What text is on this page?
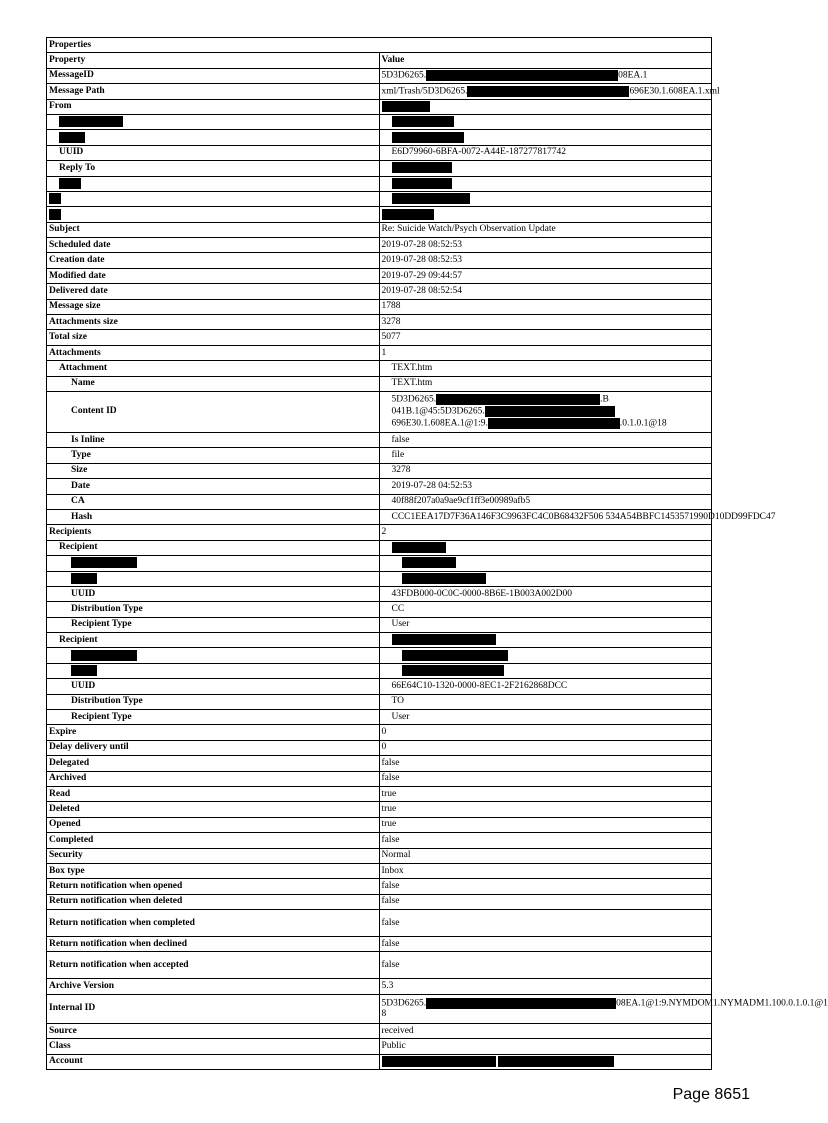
Properties	
Property	Value
MessageID	5D3D6265. 08EA.1
Message Path	xml/Trash/5D3D6265. 696E30.1.608EA.1.xml
From	

UUID	E6D79960-6BFA-0072-A44E-187277817742
Reply To	

Subject	Re: Suicide Watch/Psych Observation Update
Scheduled date	2019-07-28 08:52:53
Creation date	2019-07-28 08:52:53
Modified date	2019-07-29 09:44:57
Delivered date	2019-07-28 08:52:54
Message size	1788
Attachments size	3278
Total size	5077
Attachments	1
Attachment	TEXT.htm
Name	TEXT.htm
Content ID	5D3D6265. .B
041B.1@45:5D3D6265.
696E30.1.608EA.1@1:9. .0.1.0.1@18

Is Inline	false
Type	file
Size	3278
Date	2019-07-28 04:52:53
CA	40f88f207a0a9ae9cf1ff3e00989afb5
Hash	CCC1EEA17D7F36A146F3C9963FC4C0B68432F506 534A54BBFC1453571990D10DD99FDC47
Recipients	2
Recipient	

UUID	43FDB000-0C0C-0000-8B6E-1B003A002D00
Distribution Type	CC
Recipient Type	User
Recipient	

UUID	66E64C10-1320-0000-8EC1-2F2162868DCC
Distribution Type	TO
Recipient Type	User
Expire	0
Delay delivery until	0
Delegated	false
Archived	false
Read	true
Deleted	true
Opened	true
Completed	false
Security	Normal
Box type	Inbox
Return notification when opened	false
Return notification when deleted	false
Return notification when completed	false
Return notification when declined	false
Return notification when accepted	false
Archive Version	5.3
Internal ID	5D3D6265. 08EA.1@1:9.NYMDOM1.NYMADM1.100.0.1.0.1@1
8

Source	received
Class	Public
Account	
Page 8651
